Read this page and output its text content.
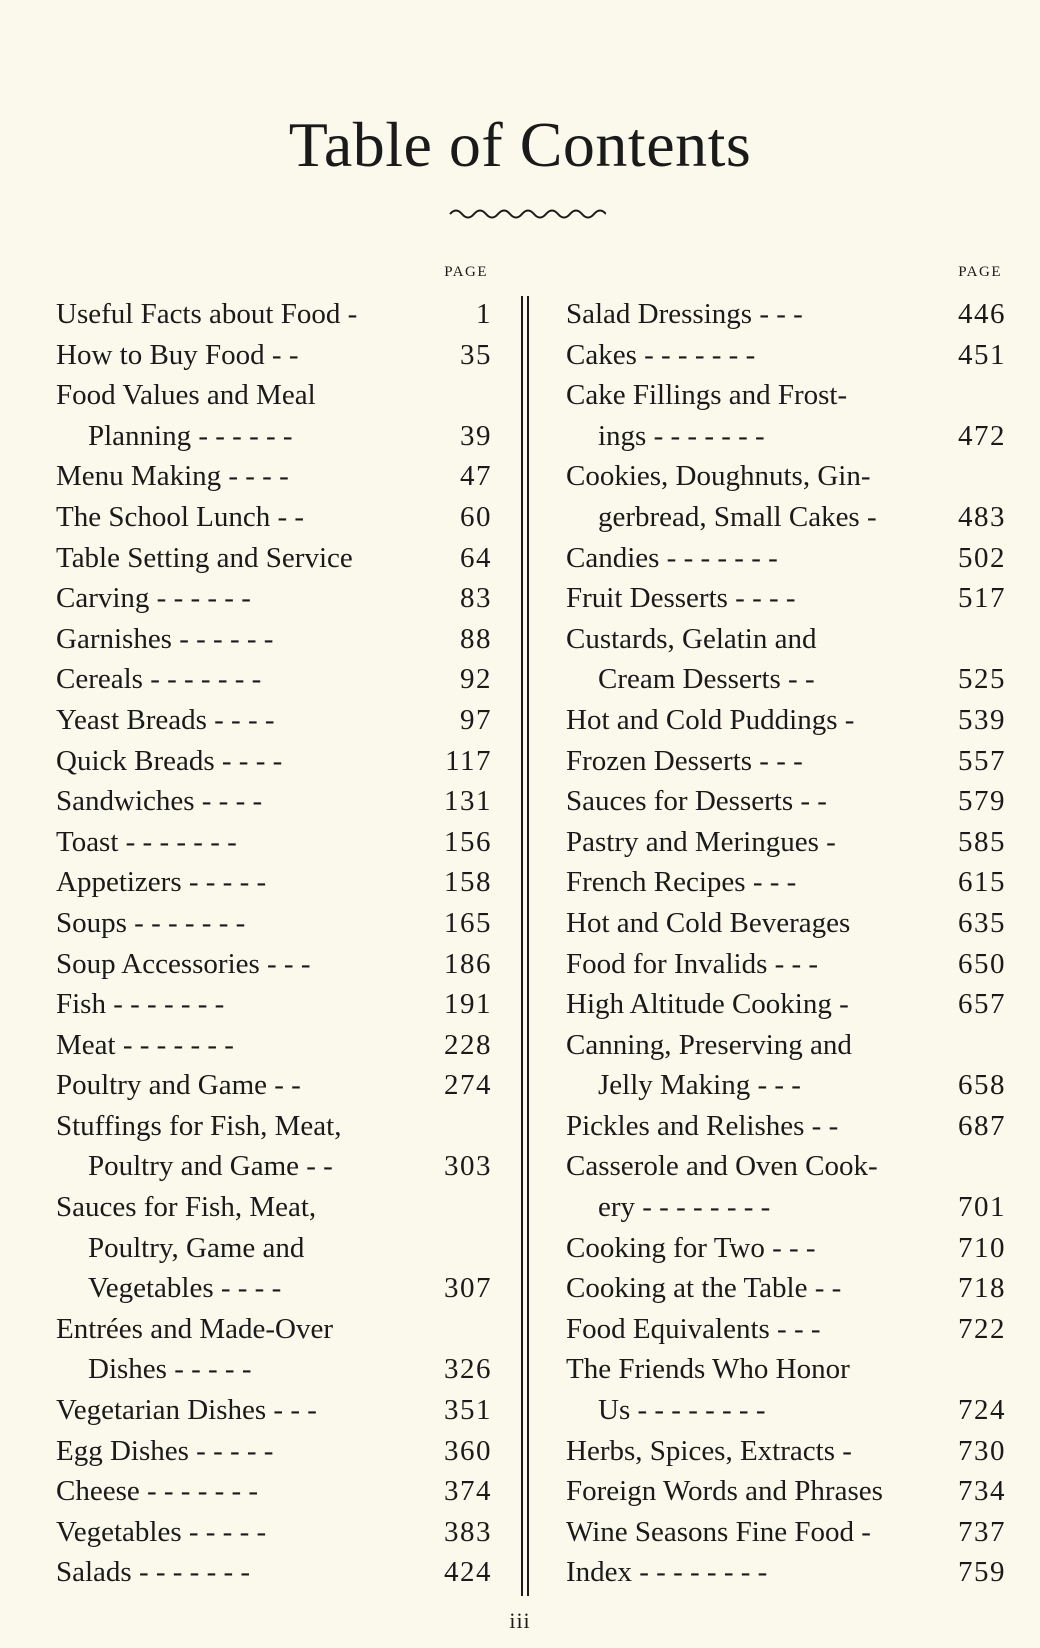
Table of Contents
PAGE
Useful Facts about Food -	1
How to Buy Food - -	35
Food Values and Meal
Planning - - - - - -	39
Menu Making - - - -	47
The School Lunch - -	60
Table Setting and Service	64
Carving - - - - - -	83
Garnishes - - - - - -	88
Cereals - - - - - - -	92
Yeast Breads - - - -	97
Quick Breads - - - -	117
Sandwiches - - - -	131
Toast - - - - - - -	156
Appetizers - - - - -	158
Soups - - - - - - -	165
Soup Accessories - - -	186
Fish - - - - - - -	191
Meat - - - - - - -	228
Poultry and Game - -	274
Stuffings for Fish, Meat,
Poultry and Game - -	303
Sauces for Fish, Meat,
Poultry, Game and
Vegetables - - - -	307
Entrées and Made-Over
Dishes - - - - -	326
Vegetarian Dishes - - -	351
Egg Dishes - - - - -	360
Cheese - - - - - - -	374
Vegetables - - - - -	383
Salads - - - - - - -	424
PAGE
Salad Dressings - - -	446
Cakes - - - - - - -	451
Cake Fillings and Frost-
ings - - - - - - -	472
Cookies, Doughnuts, Gin-
gerbread, Small Cakes -	483
Candies - - - - - - -	502
Fruit Desserts - - - -	517
Custards, Gelatin and
Cream Desserts - -	525
Hot and Cold Puddings -	539
Frozen Desserts - - -	557
Sauces for Desserts - -	579
Pastry and Meringues -	585
French Recipes - - -	615
Hot and Cold Beverages	635
Food for Invalids - - -	650
High Altitude Cooking -	657
Canning, Preserving and
Jelly Making - - -	658
Pickles and Relishes - -	687
Casserole and Oven Cook-
ery - - - - - - - -	701
Cooking for Two - - -	710
Cooking at the Table - -	718
Food Equivalents - - -	722
The Friends Who Honor
Us - - - - - - - -	724
Herbs, Spices, Extracts -	730
Foreign Words and Phrases	734
Wine Seasons Fine Food -	737
Index - - - - - - - -	759
iii
